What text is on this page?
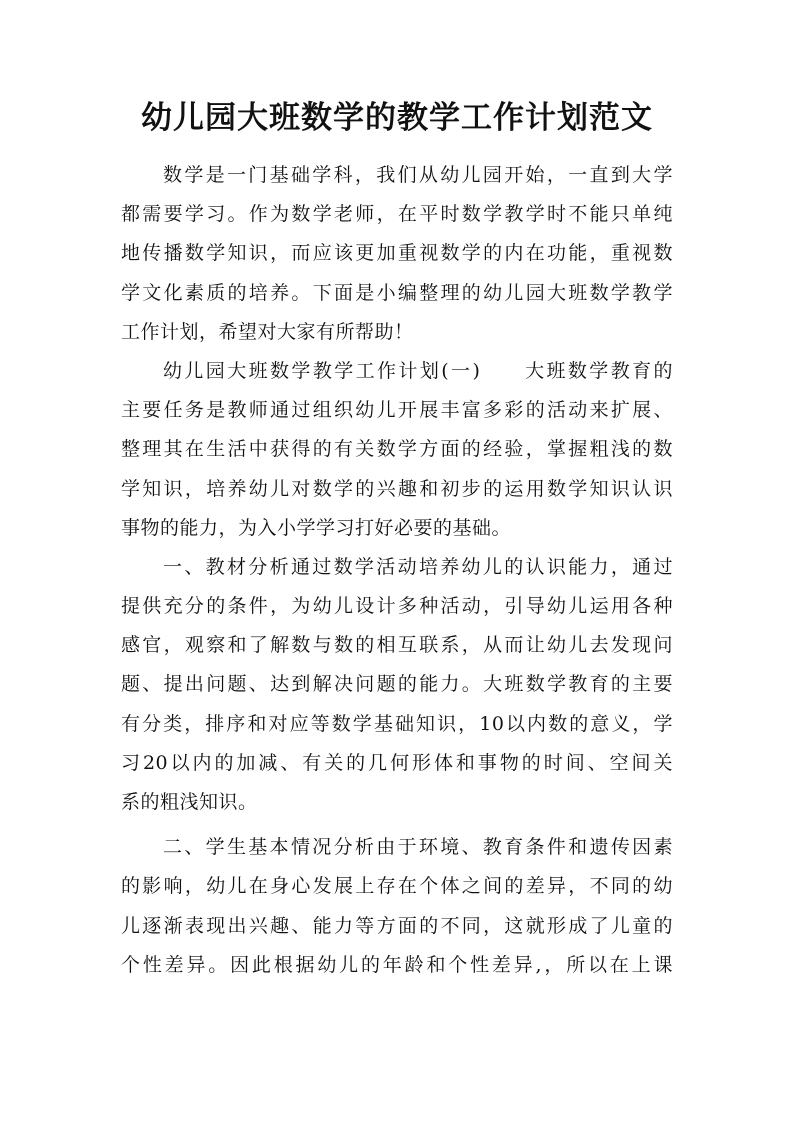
幼儿园大班数学的教学工作计划范文
数学是一门基础学科，我们从幼儿园开始，一直到大学
都需要学习。作为数学老师，在平时数学教学时不能只单纯
地传播数学知识，而应该更加重视数学的内在功能，重视数
学文化素质的培养。下面是小编整理的幼儿园大班数学教学
工作计划，希望对大家有所帮助！
幼儿园大班数学教学工作计划(一)　　大班数学教育的
主要任务是教师通过组织幼儿开展丰富多彩的活动来扩展、
整理其在生活中获得的有关数学方面的经验，掌握粗浅的数
学知识，培养幼儿对数学的兴趣和初步的运用数学知识认识
事物的能力，为入小学学习打好必要的基础。
一、教材分析通过数学活动培养幼儿的认识能力，通过
提供充分的条件，为幼儿设计多种活动，引导幼儿运用各种
感官，观察和了解数与数的相互联系，从而让幼儿去发现问
题、提出问题、达到解决问题的能力。大班数学教育的主要
有分类，排序和对应等数学基础知识，10以内数的意义，学
习20以内的加减、有关的几何形体和事物的时间、空间关
系的粗浅知识。
二、学生基本情况分析由于环境、教育条件和遗传因素
的影响，幼儿在身心发展上存在个体之间的差异，不同的幼
儿逐渐表现出兴趣、能力等方面的不同，这就形成了儿童的
个性差异。因此根据幼儿的年龄和个性差异,，所以在上课
